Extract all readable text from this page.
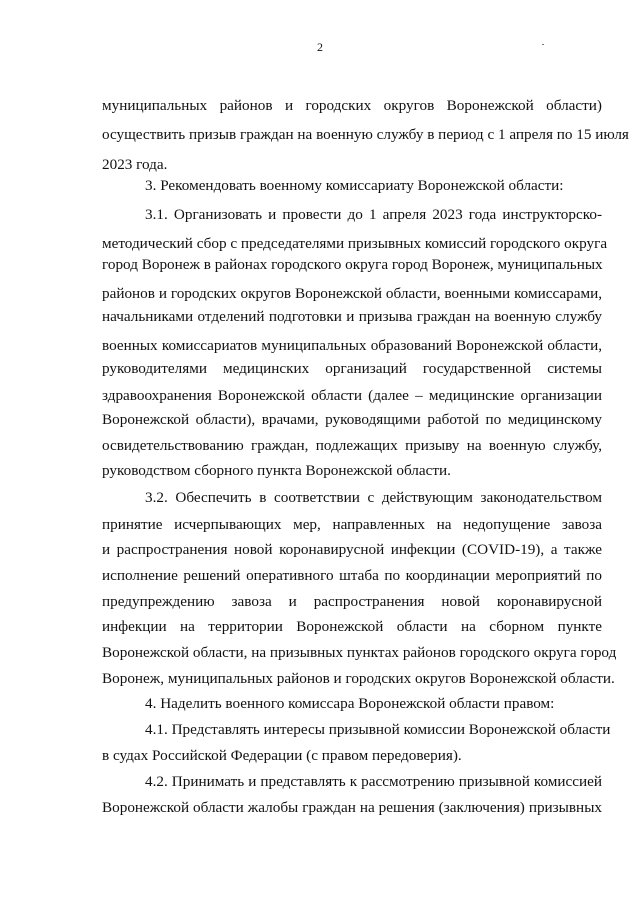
2
муниципальных районов и городских округов Воронежской области)
осуществить призыв граждан на военную службу в период с 1 апреля по 15 июля
2023 года.
3. Рекомендовать военному комиссариату Воронежской области:
3.1. Организовать и провести до 1 апреля 2023 года инструкторско-
методический сбор с председателями призывных комиссий городского округа
город Воронеж в районах городского округа город Воронеж, муниципальных
районов и городских округов Воронежской области, военными комиссарами,
начальниками отделений подготовки и призыва граждан на военную службу
военных комиссариатов муниципальных образований Воронежской области,
руководителями медицинских организаций государственной системы
здравоохранения Воронежской области (далее – медицинские организации
Воронежской области), врачами, руководящими работой по медицинскому
освидетельствованию граждан, подлежащих призыву на военную службу,
руководством сборного пункта Воронежской области.
3.2. Обеспечить в соответствии с действующим законодательством
принятие исчерпывающих мер, направленных на недопущение завоза
и распространения новой коронавирусной инфекции (COVID-19), а также
исполнение решений оперативного штаба по координации мероприятий по
предупреждению завоза и распространения новой коронавирусной
инфекции на территории Воронежской области на сборном пункте
Воронежской области, на призывных пунктах районов городского округа город
Воронеж, муниципальных районов и городских округов Воронежской области.
4. Наделить военного комиссара Воронежской области правом:
4.1. Представлять интересы призывной комиссии Воронежской области
в судах Российской Федерации (с правом передоверия).
4.2. Принимать и представлять к рассмотрению призывной комиссией
Воронежской области жалобы граждан на решения (заключения) призывных
